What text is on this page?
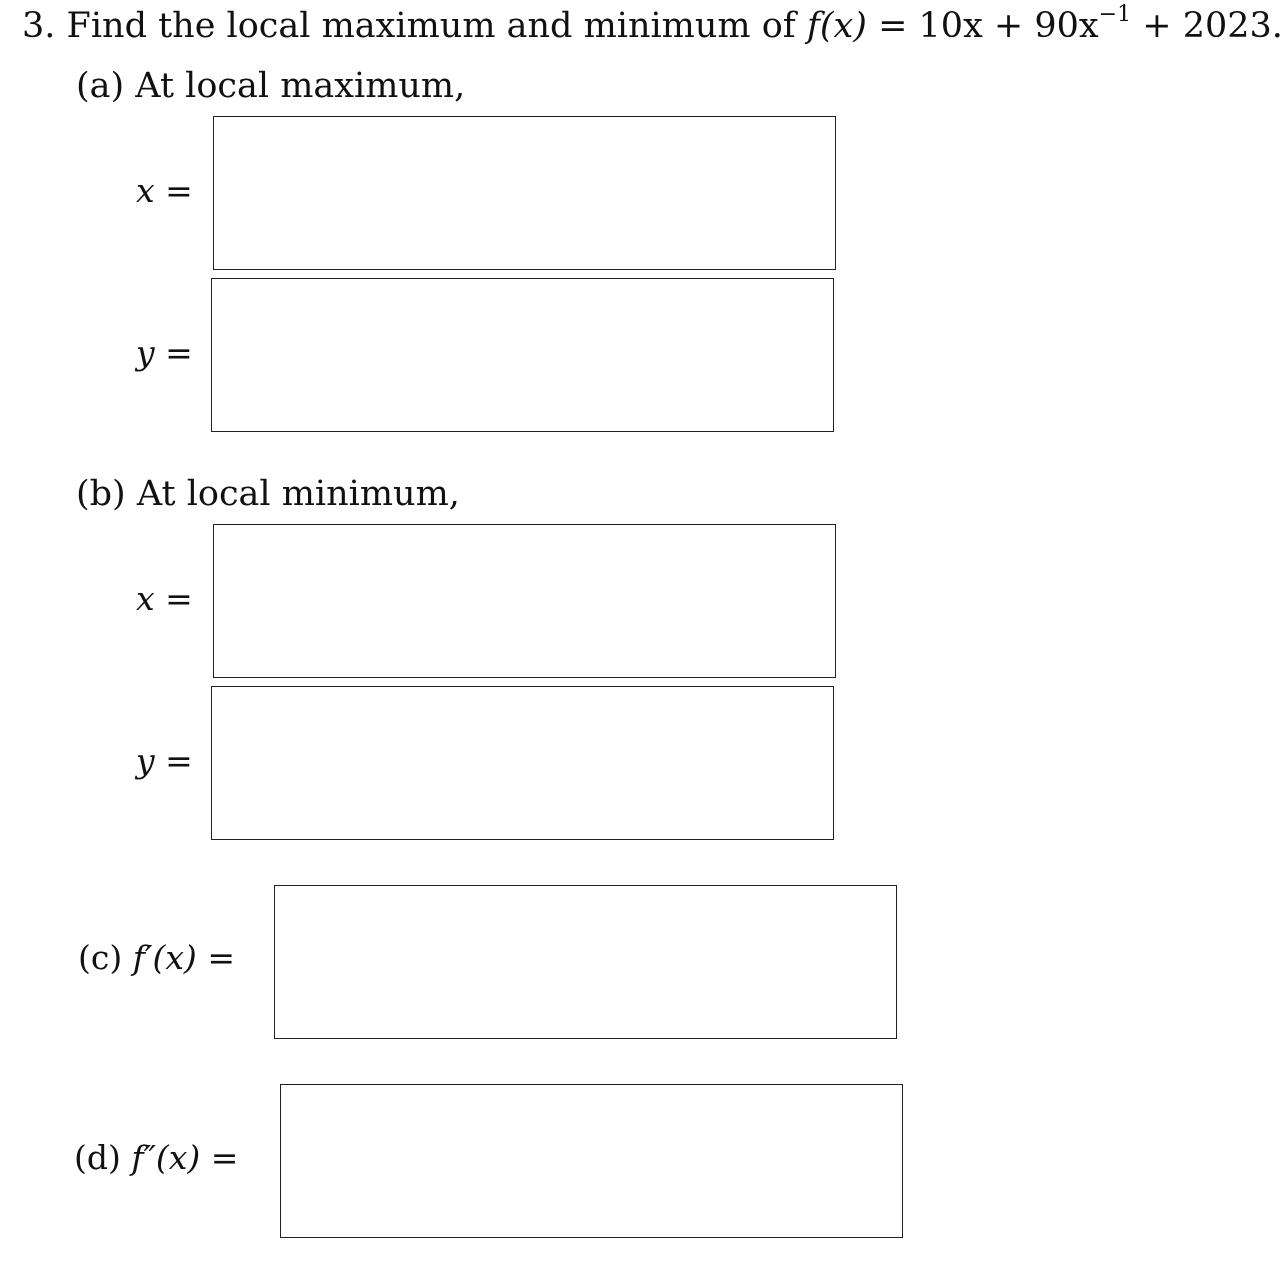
3. Find the local maximum and minimum of $f(x) = 10x + 90x^{-1} + 2023$.
(a) At local maximum,
x =
y =
(b) At local minimum,
x =
y =
(c) f′(x) =
(d) f″(x) =
